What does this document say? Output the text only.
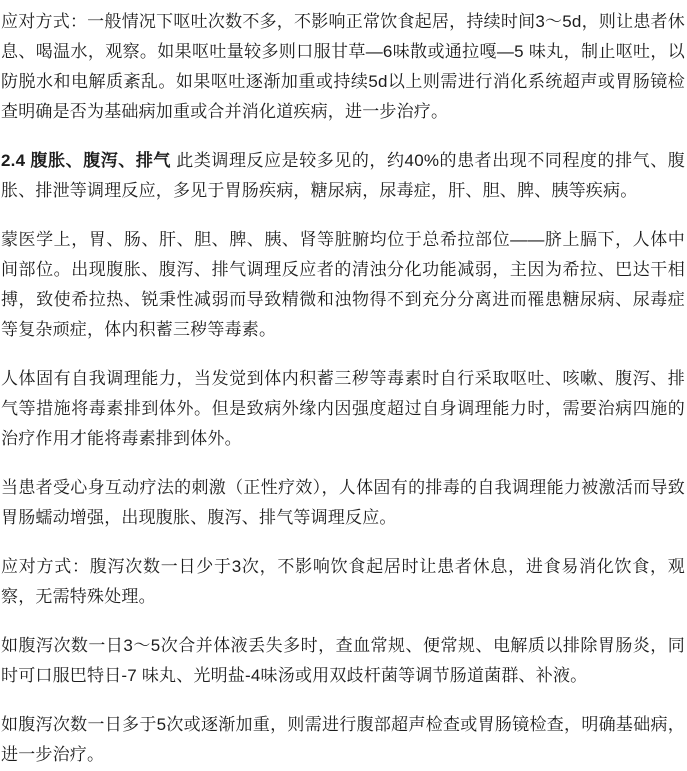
应对方式：一般情况下呕吐次数不多，不影响正常饮食起居，持续时间3～5d，则让患者休息、喝温水，观察。如果呕吐量较多则口服甘草—6味散或通拉嘎—5 味丸，制止呕吐，以防脱水和电解质紊乱。如果呕吐逐渐加重或持续5d以上则需进行消化系统超声或胃肠镜检查明确是否为基础病加重或合并消化道疾病，进一步治疗。

2.4 腹胀、腹泻、排气 此类调理反应是较多见的，约40%的患者出现不同程度的排气、腹胀、排泄等调理反应，多见于胃肠疾病，糖尿病，尿毒症，肝、胆、脾、胰等疾病。

蒙医学上，胃、肠、肝、胆、脾、胰、肾等脏腑均位于总希拉部位——脐上膈下，人体中间部位。出现腹胀、腹泻、排气调理反应者的清浊分化功能减弱，主因为希拉、巴达干相搏，致使希拉热、锐秉性减弱而导致精微和浊物得不到充分分离进而罹患糖尿病、尿毒症等复杂顽症，体内积蓄三秽等毒素。

人体固有自我调理能力，当发觉到体内积蓄三秽等毒素时自行采取呕吐、咳嗽、腹泻、排气等措施将毒素排到体外。但是致病外缘内因强度超过自身调理能力时，需要治病四施的治疗作用才能将毒素排到体外。

当患者受心身互动疗法的刺激（正性疗效），人体固有的排毒的自我调理能力被激活而导致胃肠蠕动增强，出现腹胀、腹泻、排气等调理反应。

应对方式：腹泻次数一日少于3次，不影响饮食起居时让患者休息，进食易消化饮食，观察，无需特殊处理。

如腹泻次数一日3～5次合并体液丢失多时，查血常规、便常规、电解质以排除胃肠炎，同时可口服巴特日-7 味丸、光明盐-4味汤或用双歧杆菌等调节肠道菌群、补液。

如腹泻次数一日多于5次或逐渐加重，则需进行腹部超声检查或胃肠镜检查，明确基础病，进一步治疗。
